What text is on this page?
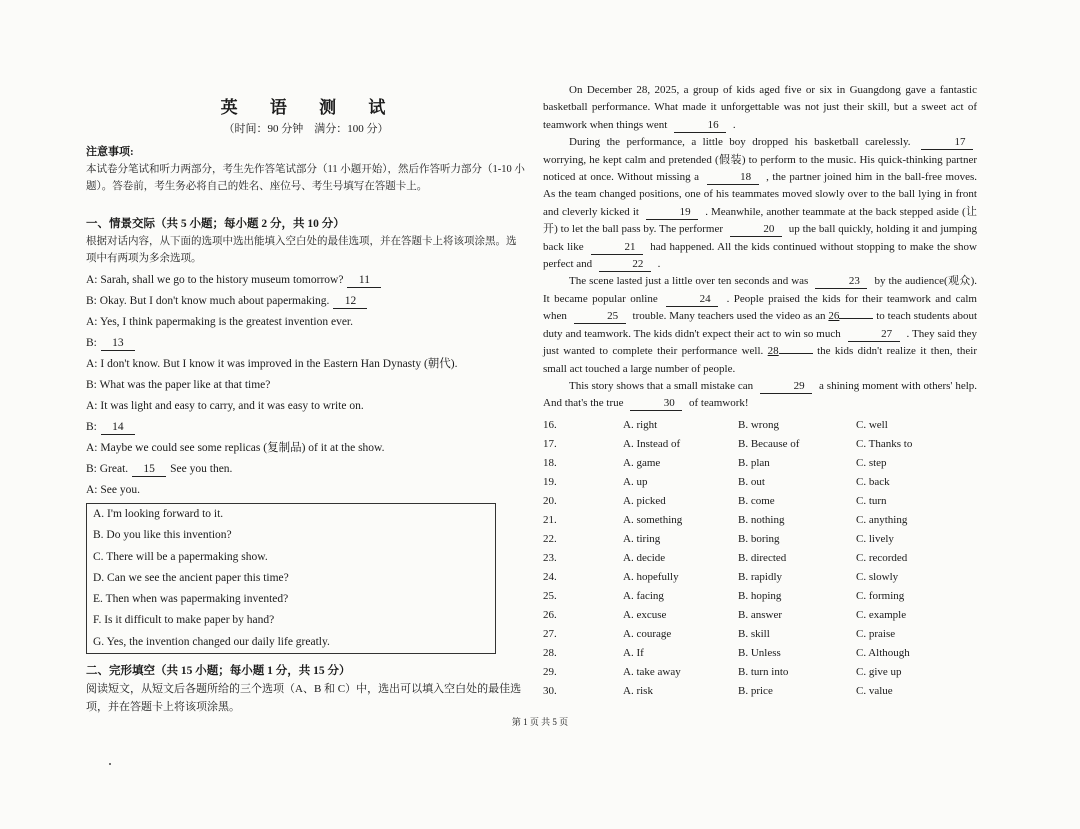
英 语 测 试
（时间：90 分钟　满分：100 分）
注意事项:
本试卷分笔试和听力两部分，考生先作答笔试部分（11 小题开始），然后作答听力部分（1-10 小题）。答卷前，考生务必将自己的姓名、座位号、考生号填写在答题卡上。
一、情景交际（共 5 小题；每小题 2 分，共 10 分）
根据对话内容，从下面的选项中选出能填入空白处的最佳选项，并在答题卡上将该项涂黑。选项中有两项为多余选项。
A: Sarah, shall we go to the history museum tomorrow? 11
B: Okay. But I don't know much about papermaking. 12
A: Yes, I think papermaking is the greatest invention ever.
B: 13
A: I don't know. But I know it was improved in the Eastern Han Dynasty (朝代).
B: What was the paper like at that time?
A: It was light and easy to carry, and it was easy to write on.
B: 14
A: Maybe we could see some replicas (复制品) of it at the show.
B: Great. 15 See you then.
A: See you.
A. I'm looking forward to it.
B. Do you like this invention?
C. There will be a papermaking show.
D. Can we see the ancient paper this time?
E. Then when was papermaking invented?
F. Is it difficult to make paper by hand?
G. Yes, the invention changed our daily life greatly.
二、完形填空（共 15 小题；每小题 1 分，共 15 分）
阅读短文，从短文后各题所给的三个选项（A、B 和 C）中，选出可以填入空白处的最佳选项，并在答题卡上将该项涂黑。
On December 28, 2025, a group of kids aged five or six in Guangdong gave a fantastic basketball performance. What made it unforgettable was not just their skill, but a sweet act of teamwork when things went	16 .
During the performance, a little boy dropped his basketball carelessly.	17 worrying, he kept calm and pretended (假装) to perform to the music. His quick-thinking partner noticed at once. Without missing a	18 , the partner joined him in the ball-free moves. As the team changed positions, one of his teammates moved slowly over to the ball lying in front and cleverly kicked it	19 . Meanwhile, another teammate at the back stepped aside (让开) to let the ball pass by. The performer	20 up the ball quickly, holding it and jumping back like	21 had happened. All the kids continued without stopping to make the show perfect and	22 .
The scene lasted just a little over ten seconds and was	23 by the audience(观众). It became popular online	24 . People praised the kids for their teamwork and calm when	25 trouble. Many teachers used the video as an 26	to teach students about duty and teamwork. The kids didn't expect their act to win so much	27 . They said they just wanted to complete their performance well. 28	the kids didn't realize it then, their small act touched a large number of people.
This story shows that a small mistake can	29 a shining moment with others' help. And that's the true	30 of teamwork!
16.	A. right	B. wrong	C. well
17.	A. Instead of	B. Because of	C. Thanks to
18.	A. game	B. plan	C. step
19.	A. up	B. out	C. back
20.	A. picked	B. come	C. turn
21.	A. something	B. nothing	C. anything
22.	A. tiring	B. boring	C. lively
23.	A. decide	B. directed	C. recorded
24.	A. hopefully	B. rapidly	C. slowly
25.	A. facing	B. hoping	C. forming
26.	A. excuse	B. answer	C. example
27.	A. courage	B. skill	C. praise
28.	A. If	B. Unless	C. Although
29.	A. take away	B. turn into	C. give up
30.	A. risk	B. price	C. value
第 1 页 共 5 页
